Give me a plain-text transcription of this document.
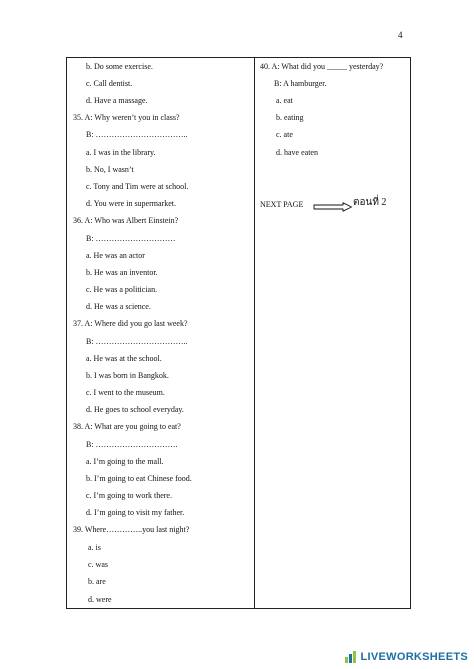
4
b. Do some exercise.
c. Call dentist.
d. Have a massage.
35. A: Why weren’t you in class?
B: ……………………………..
a. I was in the library.
b. No, I wasn’t
c. Tony and Tim were at school.
d. You were in supermarket.
36. A: Who was Albert Einstein?
B: …………………………
a. He was an actor
b. He was an inventor.
c. He was a politician.
d. He was a science.
37. A: Where did you go last week?
B: ……………………………..
a. He was at the school.
b. I was born in Bangkok.
c. I went to the museum.
d. He goes to school everyday.
38. A: What are you going to eat?
B: ………………………….
a. I’m going to the mall.
b. I’m going to eat Chinese food.
c. I’m going to work there.
d. I’m going to visit my father.
39. Where…………..you last night?
a. is
c. was
b. are
d. were
40. A: What did you _____ yesterday?
B: A hamburger.
a. eat
b. eating
c. ate
d. have eaten
NEXT PAGE	ตอนที่ 2
LIVEWORKSHEETS
